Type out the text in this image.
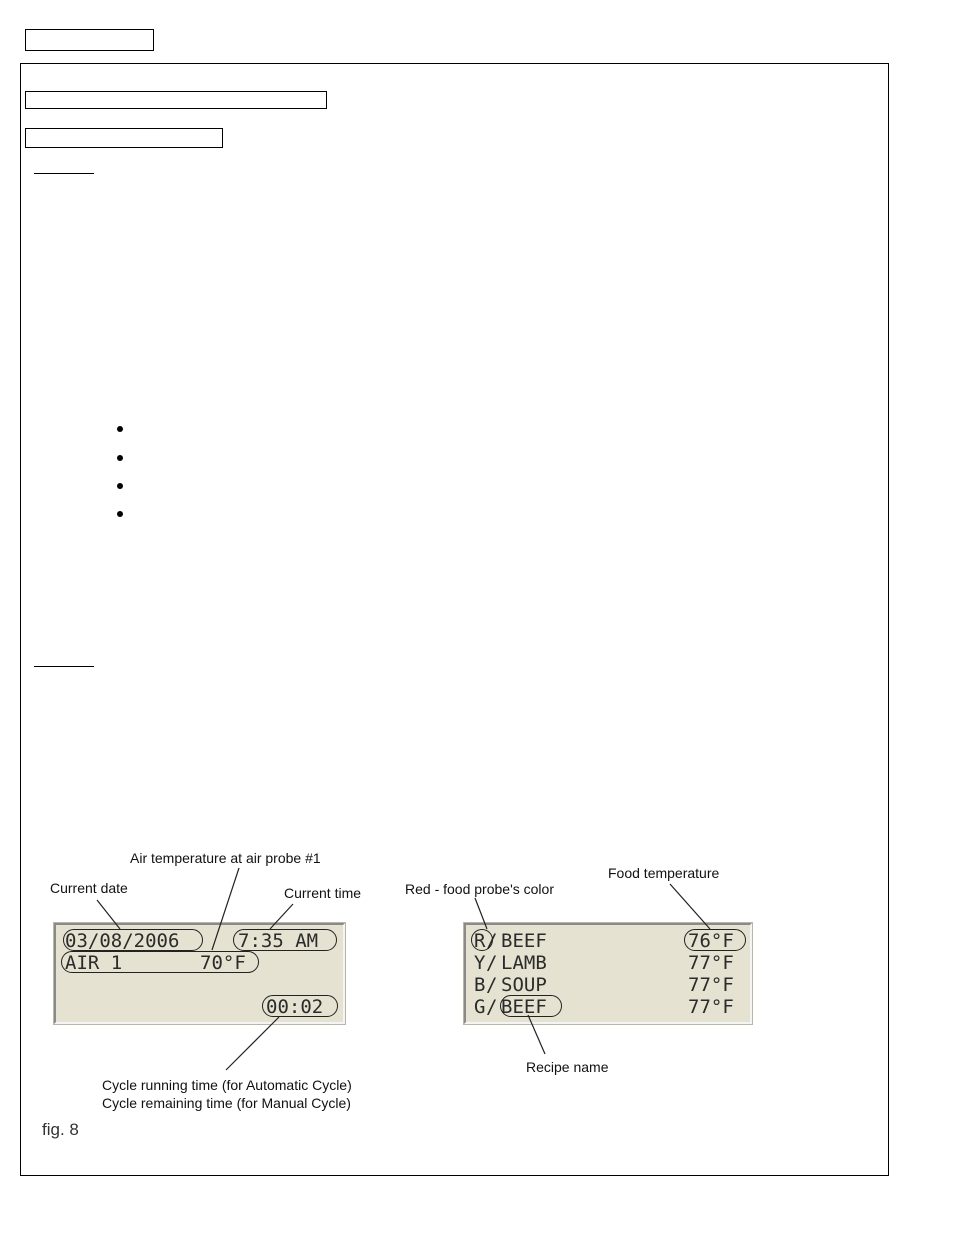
03/08/2006	7:35 AM
AIR 1	70°F
00:02
R / BEEF	76°F
Y / LAMB	77°F
B / SOUP	77°F
G / BEEF	77°F
Air temperature at air probe #1
Current date	Current time
Cycle running time (for Automatic Cycle)
Cycle remaining time (for Manual Cycle)
Red - food probe's color
Food temperature
Recipe name
fig. 8
